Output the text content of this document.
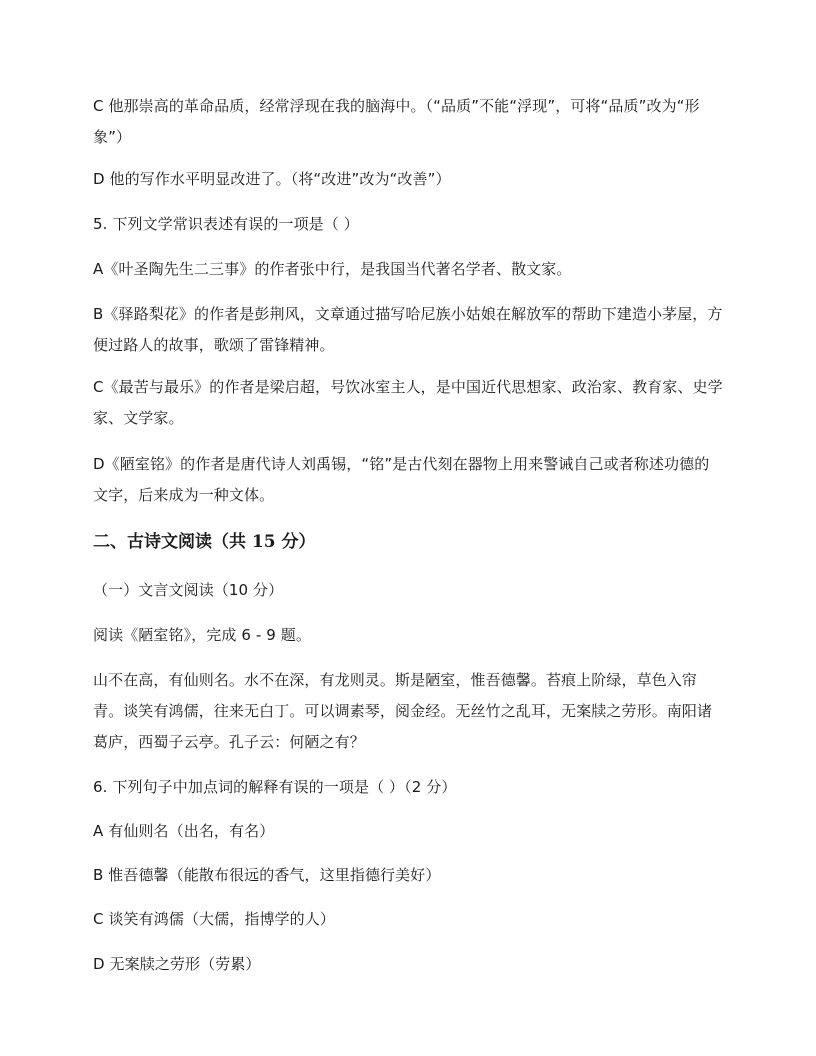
C 他那崇高的革命品质，经常浮现在我的脑海中。（“品质”不能“浮现”，可将“品质”改为“形象”）
D 他的写作水平明显改进了。（将“改进”改为“改善”）
5. 下列文学常识表述有误的一项是（ ）
A《叶圣陶先生二三事》的作者张中行，是我国当代著名学者、散文家。
B《驿路梨花》的作者是彭荆风，文章通过描写哈尼族小姑娘在解放军的帮助下建造小茅屋，方便过路人的故事，歌颂了雷锋精神。
C《最苦与最乐》的作者是梁启超，号饮冰室主人，是中国近代思想家、政治家、教育家、史学家、文学家。
D《陋室铭》的作者是唐代诗人刘禹锡，“铭”是古代刻在器物上用来警诫自己或者称述功德的文字，后来成为一种文体。
二、古诗文阅读（共 15 分）
（一）文言文阅读（10 分）
阅读《陋室铭》，完成 6 - 9 题。
山不在高，有仙则名。水不在深，有龙则灵。斯是陋室，惟吾德馨。苔痕上阶绿，草色入帘青。谈笑有鸿儒，往来无白丁。可以调素琴，阅金经。无丝竹之乱耳，无案牍之劳形。南阳诸葛庐，西蜀子云亭。孔子云：何陋之有？
6. 下列句子中加点词的解释有误的一项是（ ）（2 分）
A 有仙则名（出名，有名）
B 惟吾德馨（能散布很远的香气，这里指德行美好）
C 谈笑有鸿儒（大儒，指博学的人）
D 无案牍之劳形（劳累）
